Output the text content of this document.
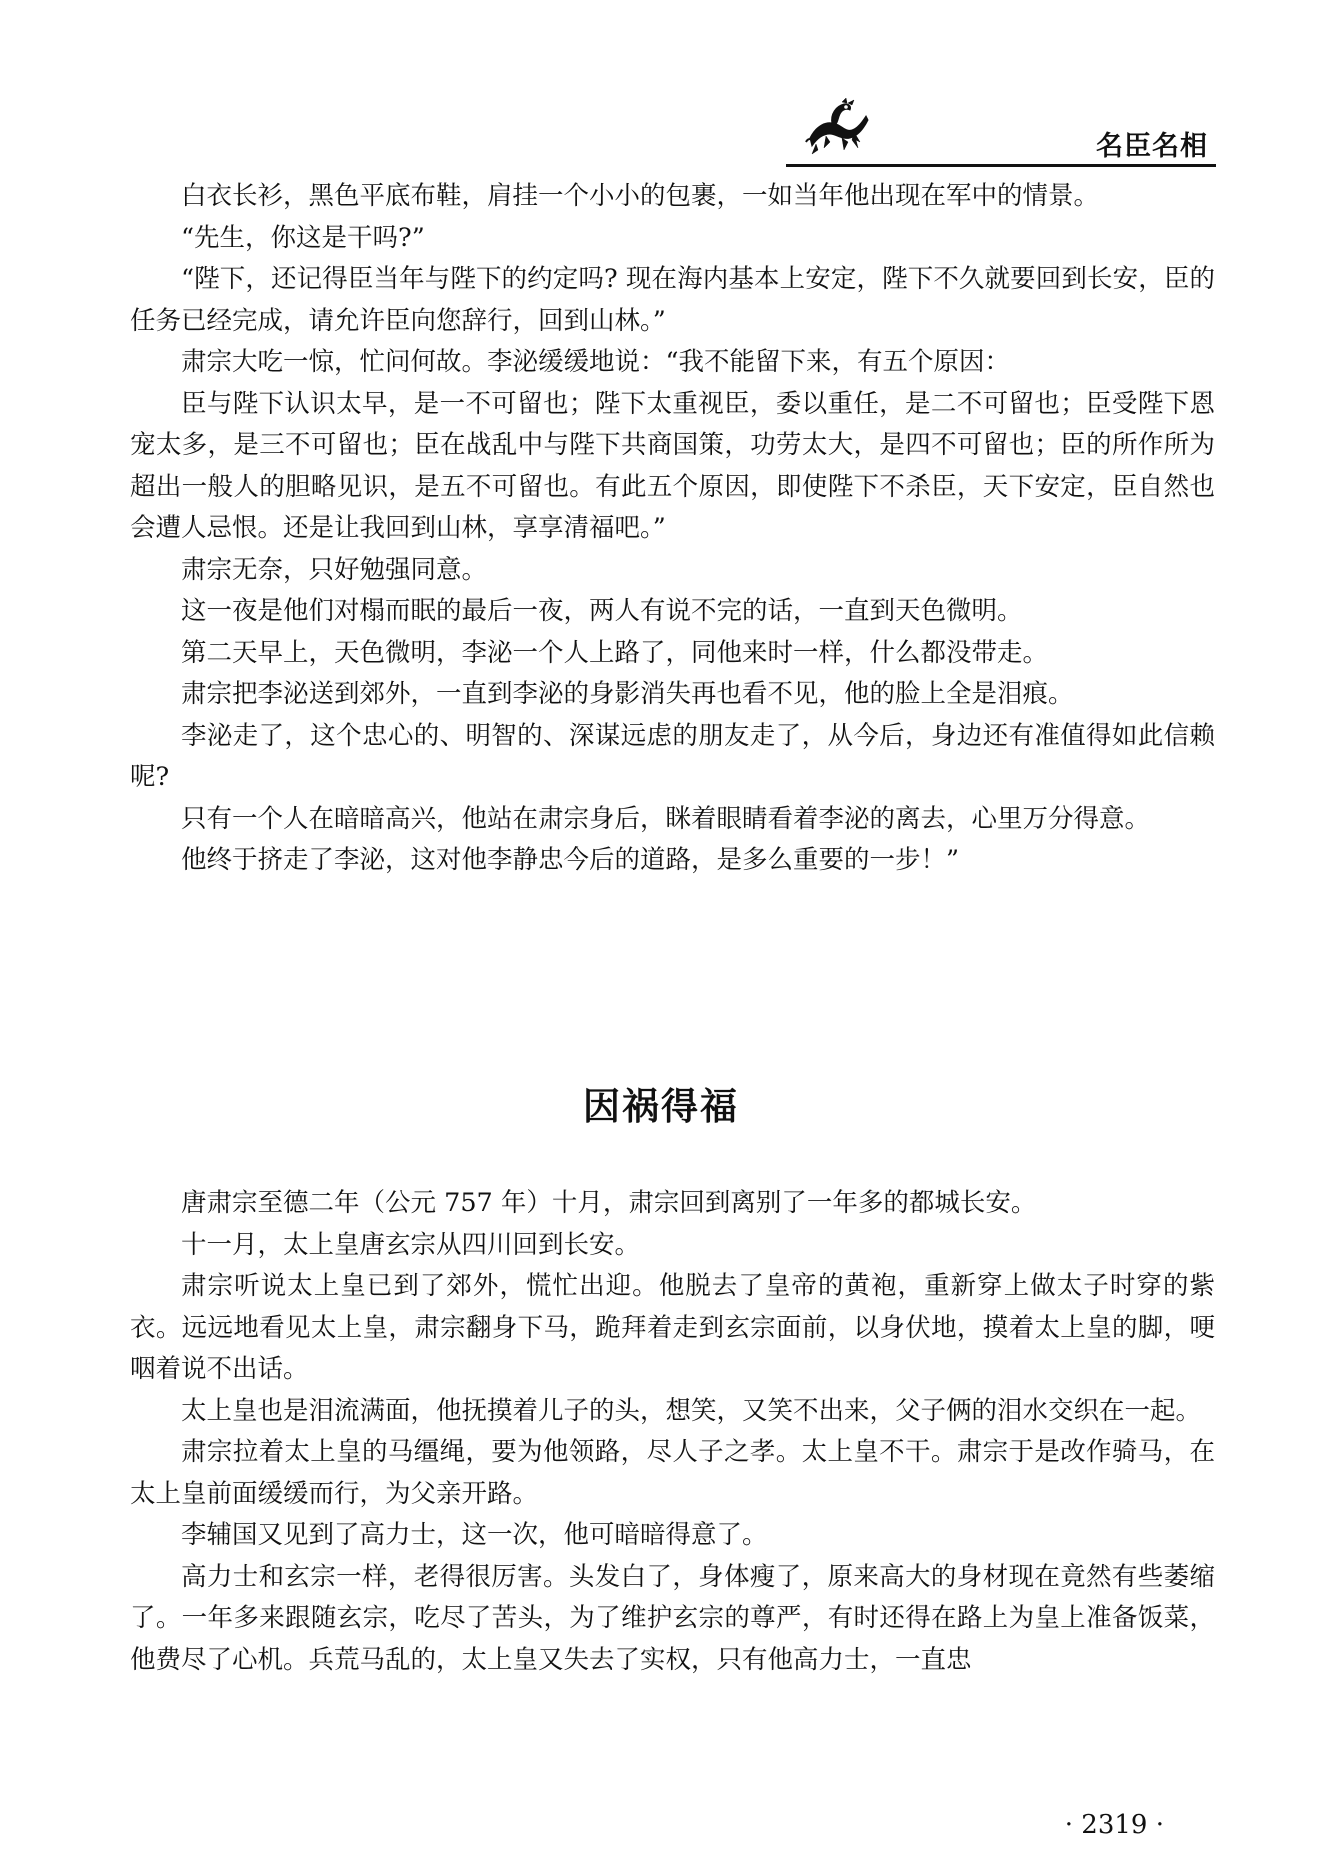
名臣名相

白衣长衫，黑色平底布鞋，肩挂一个小小的包裹，一如当年他出现在军中的情景。

“先生，你这是干吗?”

“陛下，还记得臣当年与陛下的约定吗? 现在海内基本上安定，陛下不久就要回到长安，臣的任务已经完成，请允许臣向您辞行，回到山林。”

肃宗大吃一惊，忙问何故。李泌缓缓地说：“我不能留下来，有五个原因：

臣与陛下认识太早，是一不可留也；陛下太重视臣，委以重任，是二不可留也；臣受陛下恩宠太多，是三不可留也；臣在战乱中与陛下共商国策，功劳太大，是四不可留也；臣的所作所为超出一般人的胆略见识，是五不可留也。有此五个原因，即使陛下不杀臣，天下安定，臣自然也会遭人忌恨。还是让我回到山林，享享清福吧。”

肃宗无奈，只好勉强同意。

这一夜是他们对榻而眠的最后一夜，两人有说不完的话，一直到天色微明。

第二天早上，天色微明，李泌一个人上路了，同他来时一样，什么都没带走。

肃宗把李泌送到郊外，一直到李泌的身影消失再也看不见，他的脸上全是泪痕。

李泌走了，这个忠心的、明智的、深谋远虑的朋友走了，从今后，身边还有准值得如此信赖呢?

只有一个人在暗暗高兴，他站在肃宗身后，眯着眼睛看着李泌的离去，心里万分得意。

他终于挤走了李泌，这对他李静忠今后的道路，是多么重要的一步！”

因祸得福

唐肃宗至德二年（公元 757 年）十月，肃宗回到离别了一年多的都城长安。

十一月，太上皇唐玄宗从四川回到长安。

肃宗听说太上皇已到了郊外，慌忙出迎。他脱去了皇帝的黄袍，重新穿上做太子时穿的紫衣。远远地看见太上皇，肃宗翻身下马，跪拜着走到玄宗面前，以身伏地，摸着太上皇的脚，哽咽着说不出话。

太上皇也是泪流满面，他抚摸着儿子的头，想笑，又笑不出来，父子俩的泪水交织在一起。

肃宗拉着太上皇的马缰绳，要为他领路，尽人子之孝。太上皇不干。肃宗于是改作骑马，在太上皇前面缓缓而行，为父亲开路。

李辅国又见到了高力士，这一次，他可暗暗得意了。

高力士和玄宗一样，老得很厉害。头发白了，身体瘦了，原来高大的身材现在竟然有些萎缩了。一年多来跟随玄宗，吃尽了苦头，为了维护玄宗的尊严，有时还得在路上为皇上准备饭菜，他费尽了心机。兵荒马乱的，太上皇又失去了实权，只有他高力士，一直忠

· 2319 ·
